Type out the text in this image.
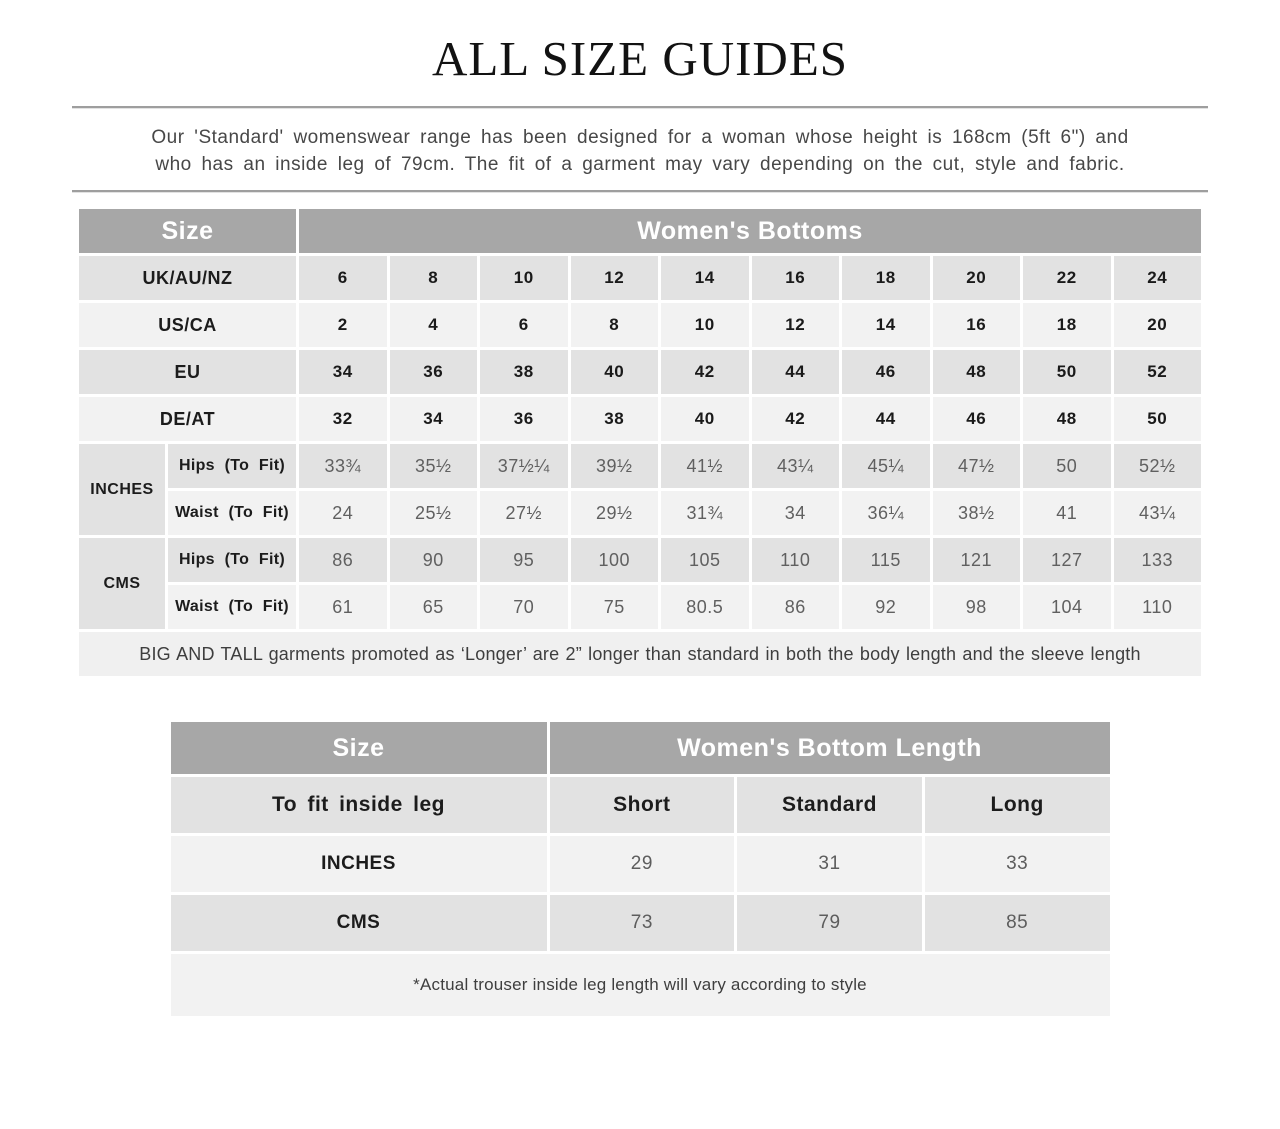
ALL SIZE GUIDES

Our 'Standard' womenswear range has been designed for a woman whose height is 168cm (5ft 6") and
who has an inside leg of 79cm. The fit of a garment may vary depending on the cut, style and fabric.

Size		Women's Bottoms									
UK/AU/NZ		6	8	10	12	14	16	18	20	22	24
US/CA		2	4	6	8	10	12	14	16	18	20
EU		34	36	38	40	42	44	46	48	50	52
DE/AT		32	34	36	38	40	42	44	46	48	50
INCHES	Hips (To Fit)	33¾	35½	37½¼	39½	41½	43¼	45¼	47½	50	52½
	Waist (To Fit)	24	25½	27½	29½	31¾	34	36¼	38½	41	43¼
CMS	Hips (To Fit)	86	90	95	100	105	110	115	121	127	133
	Waist (To Fit)	61	65	70	75	80.5	86	92	98	104	110
BIG AND TALL garments promoted as ‘Longer’ are 2” longer than standard in both the body length and the sleeve length											
Size	Women's Bottom Length		
To fit inside leg	Short	Standard	Long
INCHES	29	31	33
CMS	73	79	85
*Actual trouser inside leg length will vary according to style			
